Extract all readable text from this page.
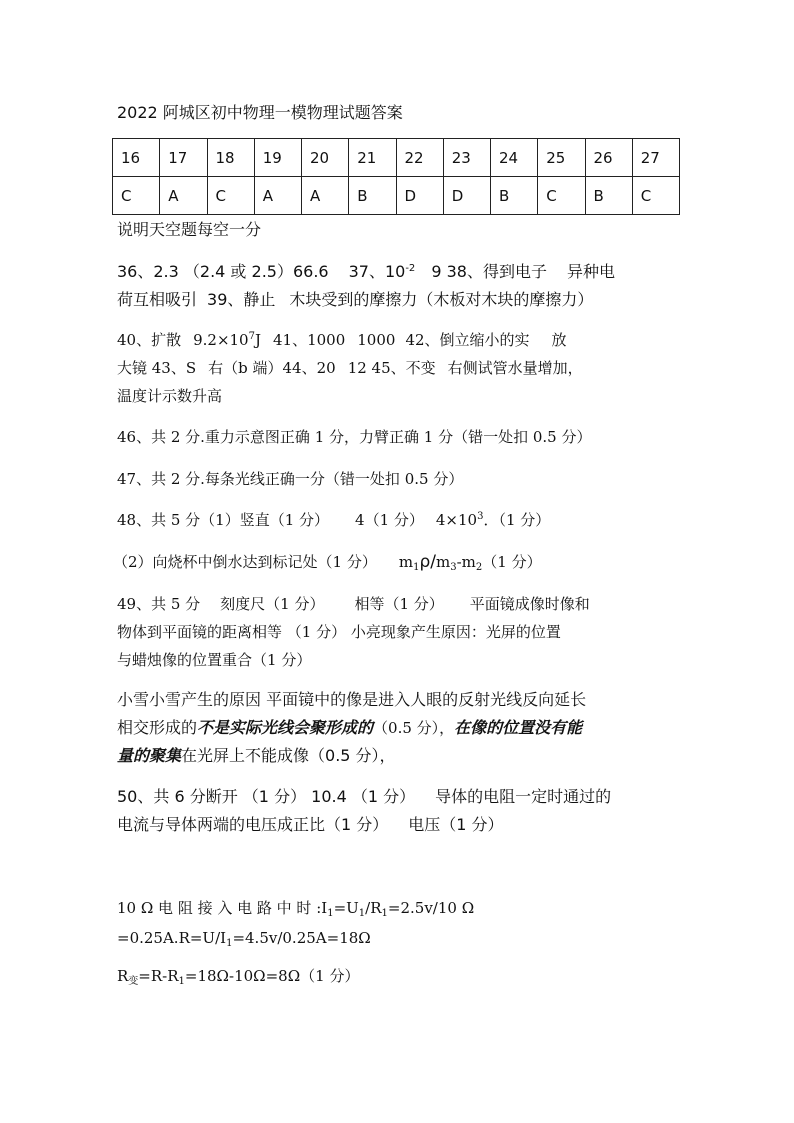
2022 阿城区初中物理一模物理试题答案
16	17	18	19	20	21	22	23	24	25	26	27
C	A	C	A	A	B	D	D	B	C	B	C
说明天空题每空一分
36、2.3 （2.4 或 2.5）66.6 37、$10^{-2}$ 9 38、得到电子 异种电
荷互相吸引 39、静止 木块受到的摩擦力（木板对木块的摩擦力）
40、扩散 $9.2\times 10^7J$ 41、1000 1000 42、倒立缩小的实 放
大镜 43、S 右（b 端）44、20 12 45、不变 右侧试管水量增加，
温度计示数升高
46、共 2 分.重力示意图正确 1 分，力臂正确 1 分（错一处扣 0.5 分）
47、共 2 分.每条光线正确一分（错一处扣 0.5 分）
48、共 5 分（1）竖直（1 分） 4（1 分） $4\times 10^3$．（1 分）
（2）向烧杯中倒水达到标记处（1 分） $m_1\rho/m_3-m_2(1$ 分）
49、共 5 分 刻度尺（1 分） 相等（1 分） 平面镜成像时像和
物体到平面镜的距离相等 （1 分） 小亮现象产生原因：光屏的位置
与蜡烛像的位置重合（1 分）
小雪小雪产生的原因 平面镜中的像是进入人眼的反射光线反向延长
相交形成的不是实际光线会聚形成的（0.5 分），在像的位置没有能
量的聚集在光屏上不能成像（0.5 分），
50、共 6 分断开 （1 分） 10.4 （1 分） 导体的电阻一定时通过的
电流与导体两端的电压成正比（1 分） 电压（1 分）
10 Ω 电 阻 接 入 电 路 中 时 $:I_1=U_1/R_1=2.5v/10$ Ω
$=0.25A.R=U/I_1=4.5v/0.25A=18\Omega$
$R_变=R-R_1=18\Omega-10\Omega=8\Omega(1$ 分）
